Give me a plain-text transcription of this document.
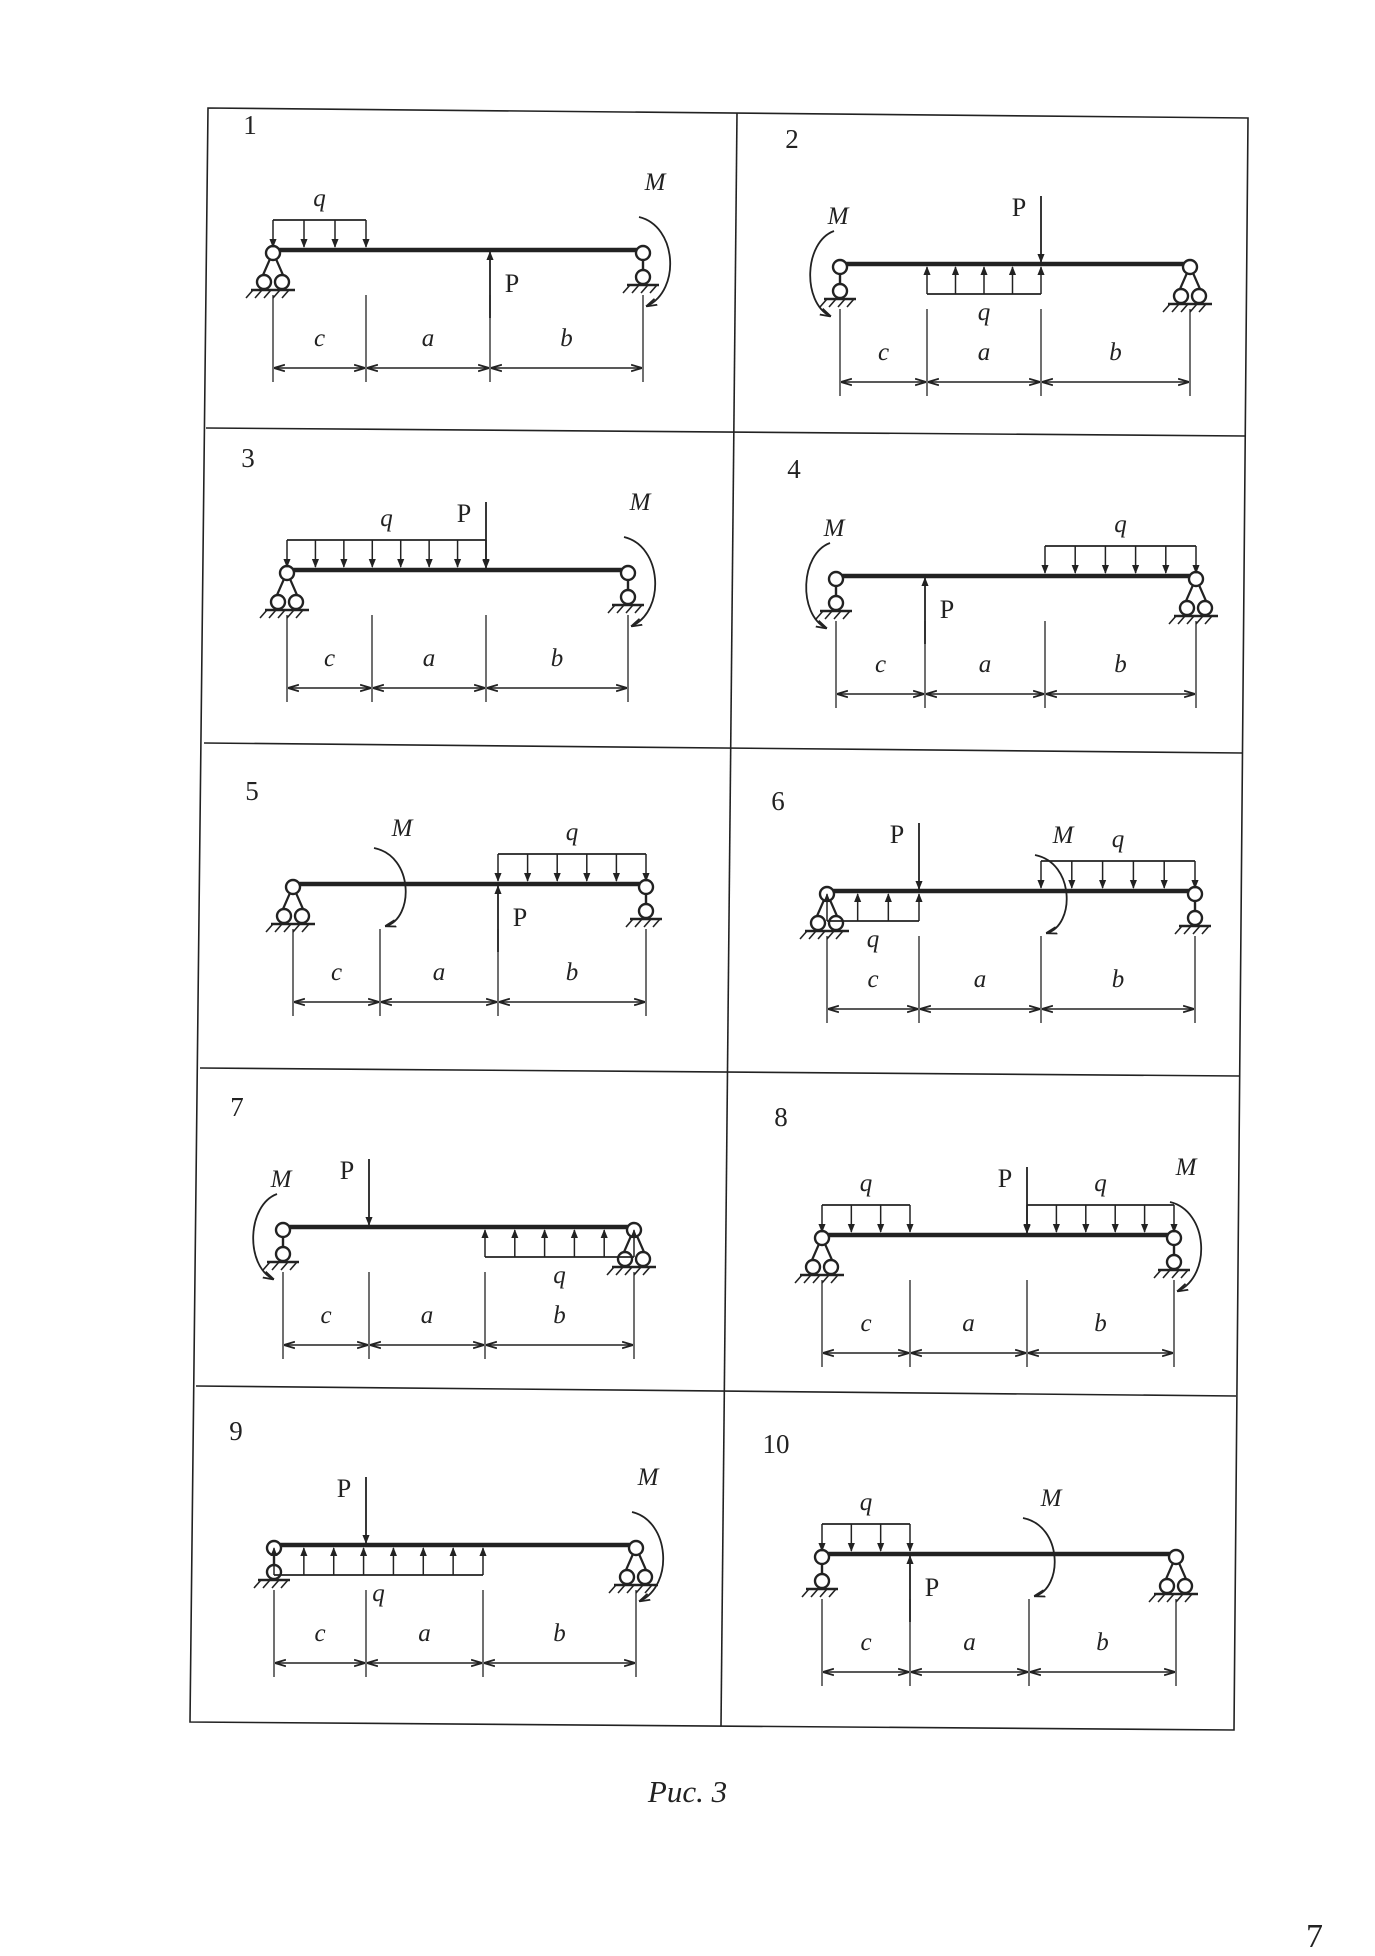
1
q
P
M
c	a	b
2
q
P
M
c	a	b
3
q P	M
c	a	b
4
q
P
M
c	a	b
5
q
P
M
c	a	b
6
q
q
P	M
c	a	b
7
q
P
M
c	a	b
8
q	q
P	M
c	a	b
9
q
P	M
c	a	b
10
q
P
M
c	a	b
Рис. 3
7
